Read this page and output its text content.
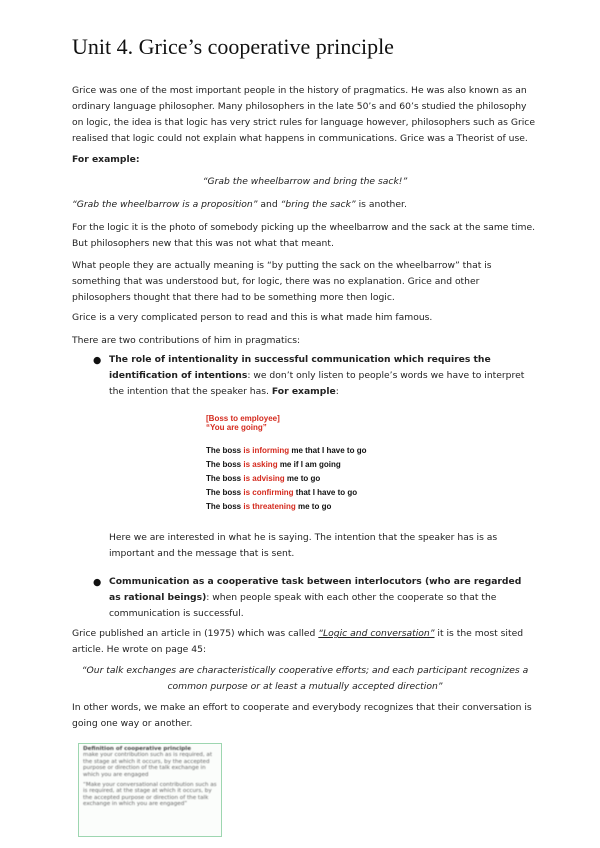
Unit 4. Grice’s cooperative principle
Grice was one of the most important people in the history of pragmatics. He was also known as an ordinary language philosopher. Many philosophers in the late 50’s and 60’s studied the philosophy on logic, the idea is that logic has very strict rules for language however, philosophers such as Grice realised that logic could not explain what happens in communications. Grice was a Theorist of use.
For example:
“Grab the wheelbarrow and bring the sack!”
“Grab the wheelbarrow is a proposition” and “bring the sack” is another.
For the logic it is the photo of somebody picking up the wheelbarrow and the sack at the same time. But philosophers new that this was not what that meant.
What people they are actually meaning is “by putting the sack on the wheelbarrow” that is something that was understood but, for logic, there was no explanation. Grice and other philosophers thought that there had to be something more then logic.
Grice is a very complicated person to read and this is what made him famous.
There are two contributions of him in pragmatics:
● The role of intentionality in successful communication which requires the identification of intentions: we don’t only listen to people’s words we have to interpret the intention that the speaker has. For example:
[Boss to employee]
“You are going”
The boss is informing me that I have to go
The boss is asking me if I am going
The boss is advising me to go
The boss is confirming that I have to go
The boss is threatening me to go
Here we are interested in what he is saying. The intention that the speaker has is as important and the message that is sent.
● Communication as a cooperative task between interlocutors (who are regarded as rational beings): when people speak with each other the cooperate so that the communication is successful.
Grice published an article in (1975) which was called “Logic and conversation” it is the most sited article. He wrote on page 45:
“Our talk exchanges are characteristically cooperative efforts; and each participant recognizes a common purpose or at least a mutually accepted direction”
In other words, we make an effort to cooperate and everybody recognizes that their conversation is going one way or another.
Definition of cooperative principle
make your contribution such as is required, at the stage at which it occurs, by the accepted purpose or direction of the talk exchange in which you are engaged
“Make your conversational contribution such as is required, at the stage at which it occurs, by the accepted purpose or direction of the talk exchange in which you are engaged”
